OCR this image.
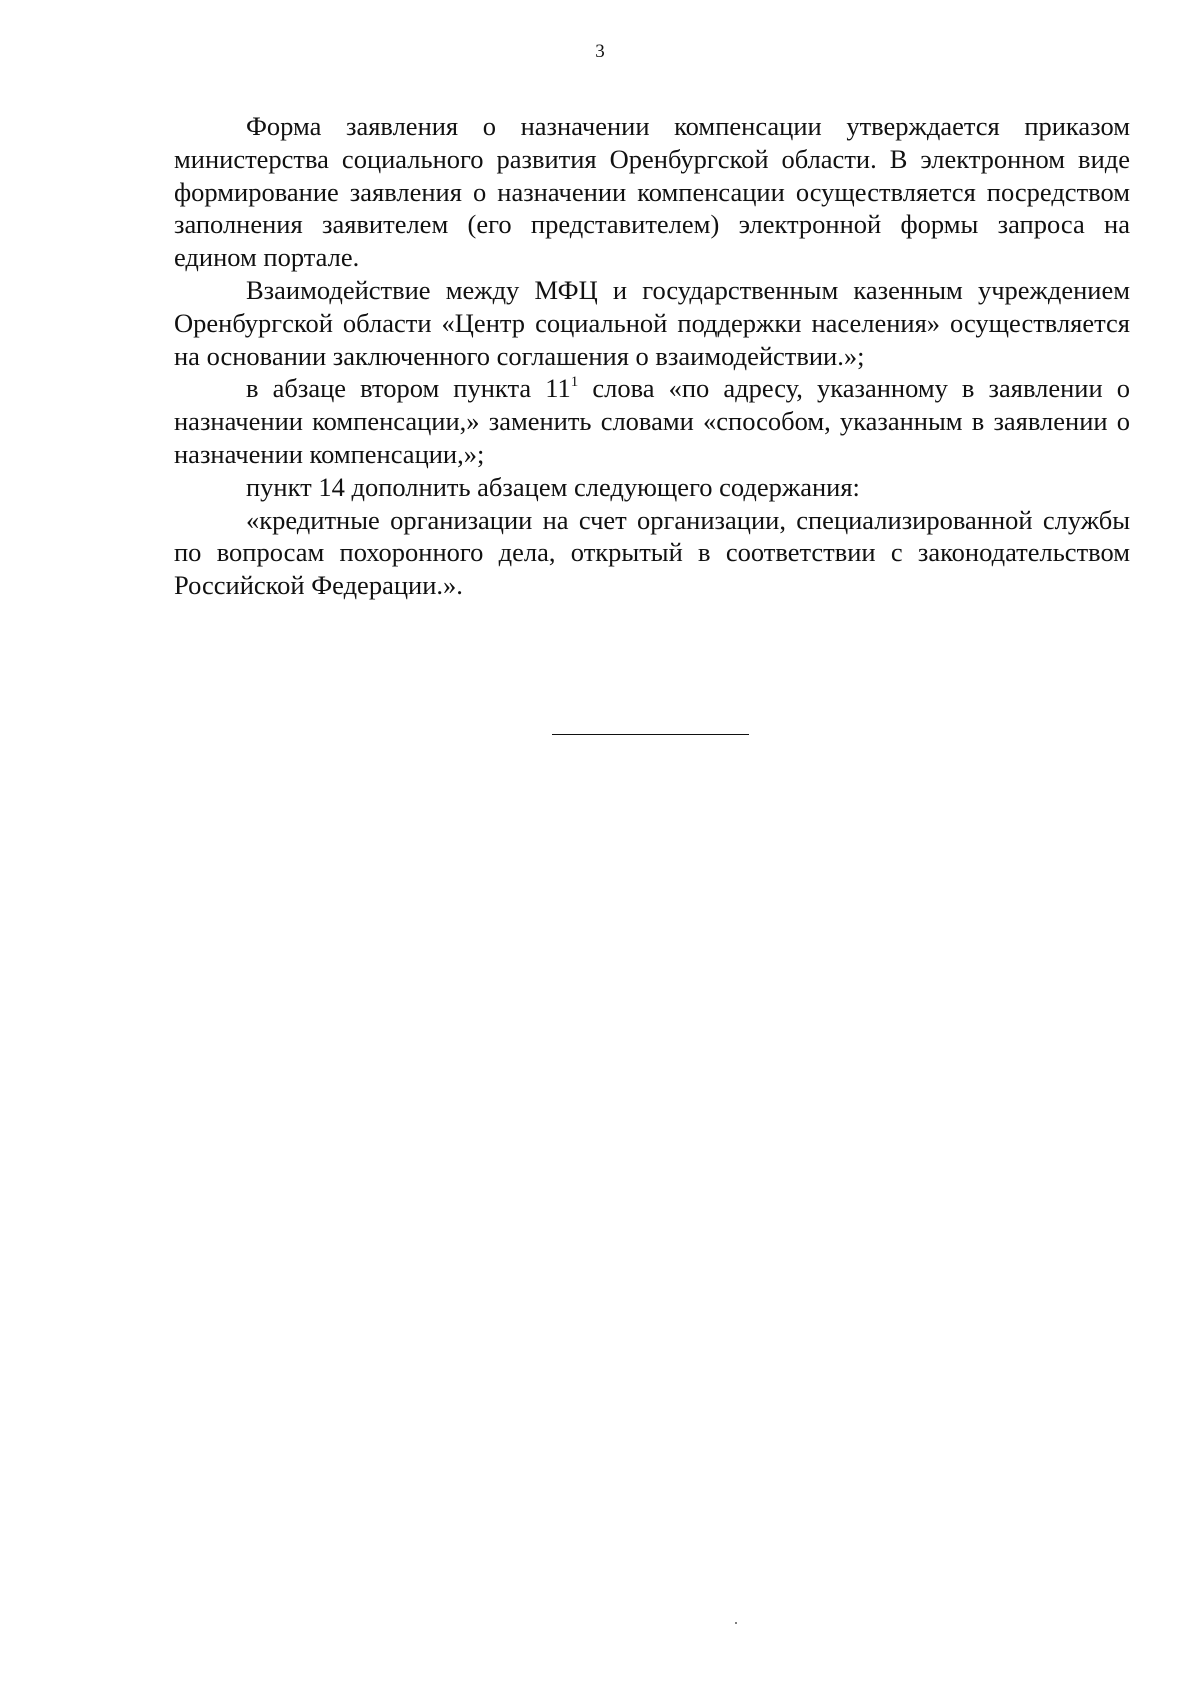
3

Форма заявления о назначении компенсации утверждается приказом министерства социального развития Оренбургской области. В электронном виде формирование заявления о назначении компенсации осуществляется посредством заполнения заявителем (его представителем) электронной формы запроса на едином портале.

Взаимодействие между МФЦ и государственным казенным учреждением Оренбургской области «Центр социальной поддержки населения» осуществляется на основании заключенного соглашения о взаимодействии.»;

в абзаце втором пункта $11^1$ слова «по адресу, указанному в заявлении о назначении компенсации,» заменить словами «способом, указанным в заявлении о назначении компенсации,»;

пункт 14 дополнить абзацем следующего содержания:

«кредитные организации на счет организации, специализированной службы по вопросам похоронного дела, открытый в соответствии с законодательством Российской Федерации.».
